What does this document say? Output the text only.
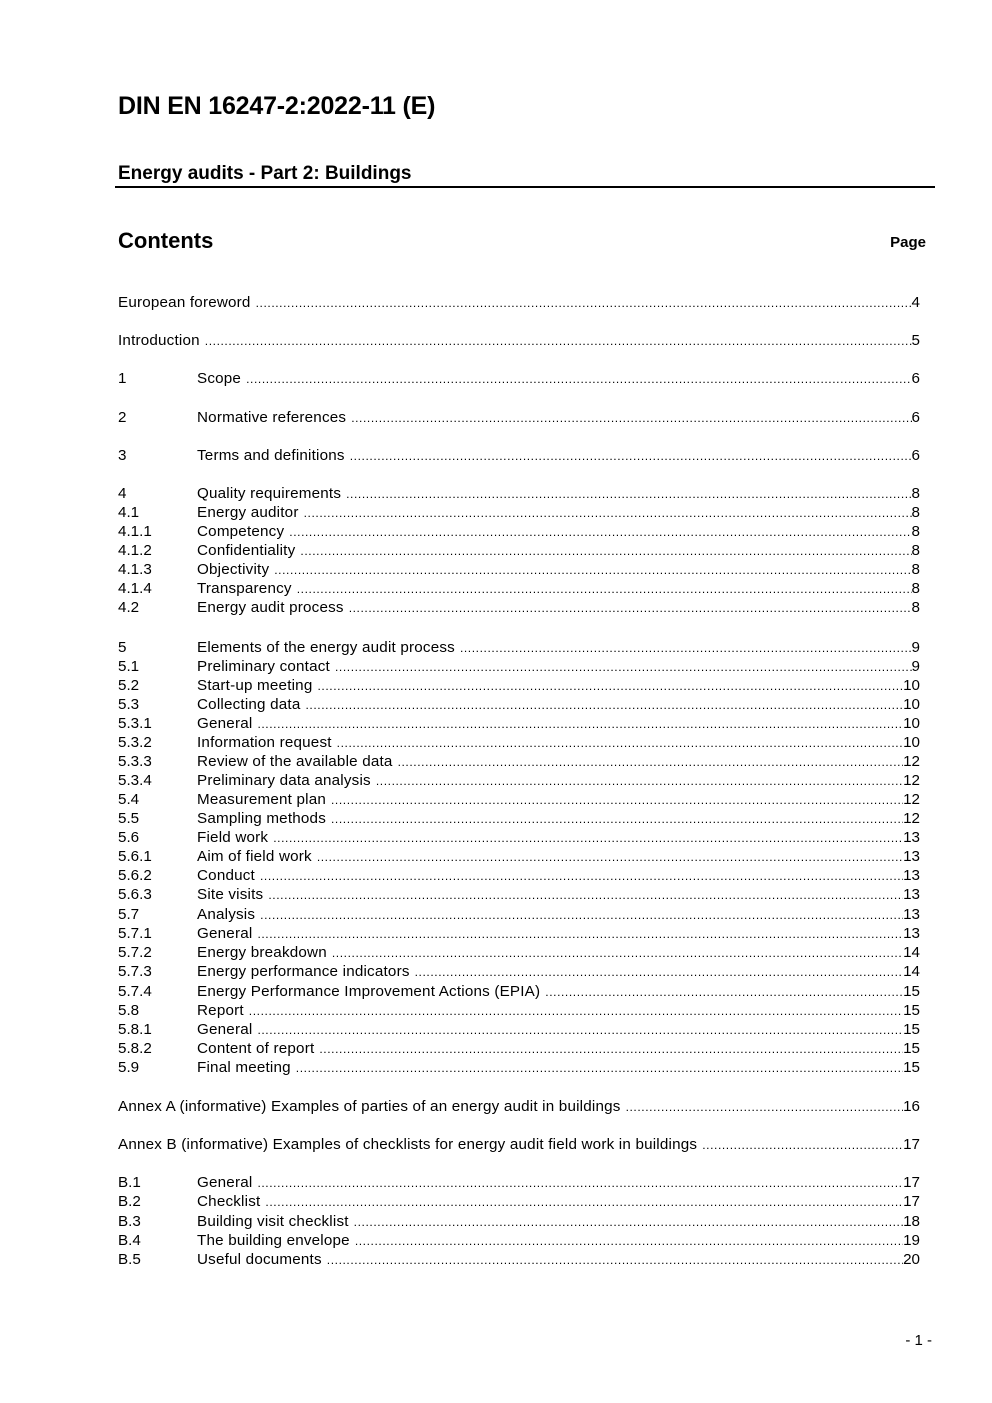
DIN EN 16247-2:2022-11 (E)
Energy audits - Part 2: Buildings
Contents	Page
European foreword .....	4
Introduction .....	5
1	Scope .....	6
2	Normative references .....	6
3	Terms and definitions .....	6
4	Quality requirements .....	8
4.1	Energy auditor .....	8
4.1.1	Competency .....	8
4.1.2	Confidentiality .....	8
4.1.3	Objectivity .....	8
4.1.4	Transparency .....	8
4.2	Energy audit process .....	8
5	Elements of the energy audit process .....	9
5.1	Preliminary contact .....	9
5.2	Start-up meeting .....	10
5.3	Collecting data .....	10
5.3.1	General .....	10
5.3.2	Information request .....	10
5.3.3	Review of the available data .....	12
5.3.4	Preliminary data analysis .....	12
5.4	Measurement plan .....	12
5.5	Sampling methods .....	12
5.6	Field work .....	13
5.6.1	Aim of field work .....	13
5.6.2	Conduct .....	13
5.6.3	Site visits .....	13
5.7	Analysis .....	13
5.7.1	General .....	13
5.7.2	Energy breakdown .....	14
5.7.3	Energy performance indicators .....	14
5.7.4	Energy Performance Improvement Actions (EPIA) .....	15
5.8	Report .....	15
5.8.1	General .....	15
5.8.2	Content of report .....	15
5.9	Final meeting .....	15
Annex A (informative) Examples of parties of an energy audit in buildings .....	16
Annex B (informative) Examples of checklists for energy audit field work in buildings .....	17
B.1	General .....	17
B.2	Checklist .....	17
B.3	Building visit checklist .....	18
B.4	The building envelope .....	19
B.5	Useful documents .....	20
- 1 -
